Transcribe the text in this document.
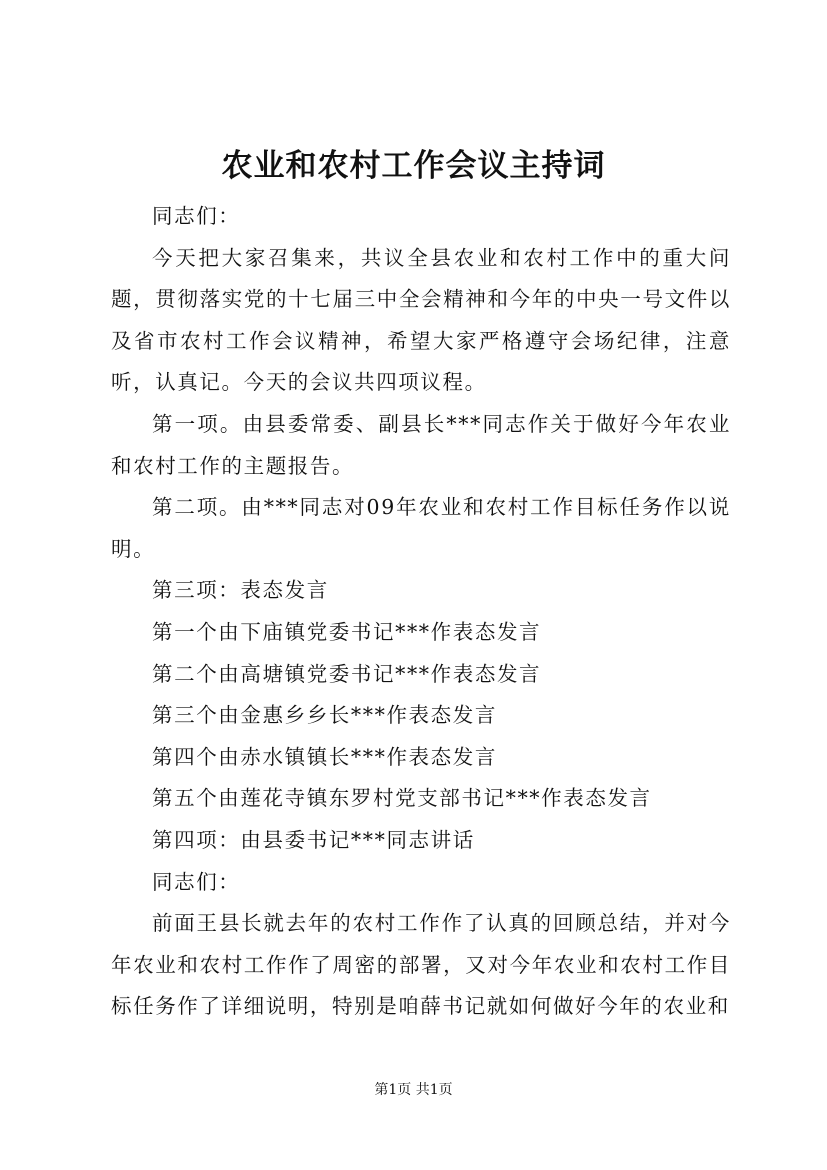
农业和农村工作会议主持词

同志们：

今天把大家召集来，共议全县农业和农村工作中的重大问题，贯彻落实党的十七届三中全会精神和今年的中央一号文件以及省市农村工作会议精神，希望大家严格遵守会场纪律，注意听，认真记。今天的会议共四项议程。

第一项。由县委常委、副县长***同志作关于做好今年农业和农村工作的主题报告。

第二项。由***同志对09年农业和农村工作目标任务作以说明。

第三项：表态发言

第一个由下庙镇党委书记***作表态发言

第二个由高塘镇党委书记***作表态发言

第三个由金惠乡乡长***作表态发言

第四个由赤水镇镇长***作表态发言

第五个由莲花寺镇东罗村党支部书记***作表态发言

第四项：由县委书记***同志讲话

同志们：

前面王县长就去年的农村工作作了认真的回顾总结，并对今年农业和农村工作作了周密的部署，又对今年农业和农村工作目标任务作了详细说明，特别是咱薛书记就如何做好今年的农业和

第1页 共1页
